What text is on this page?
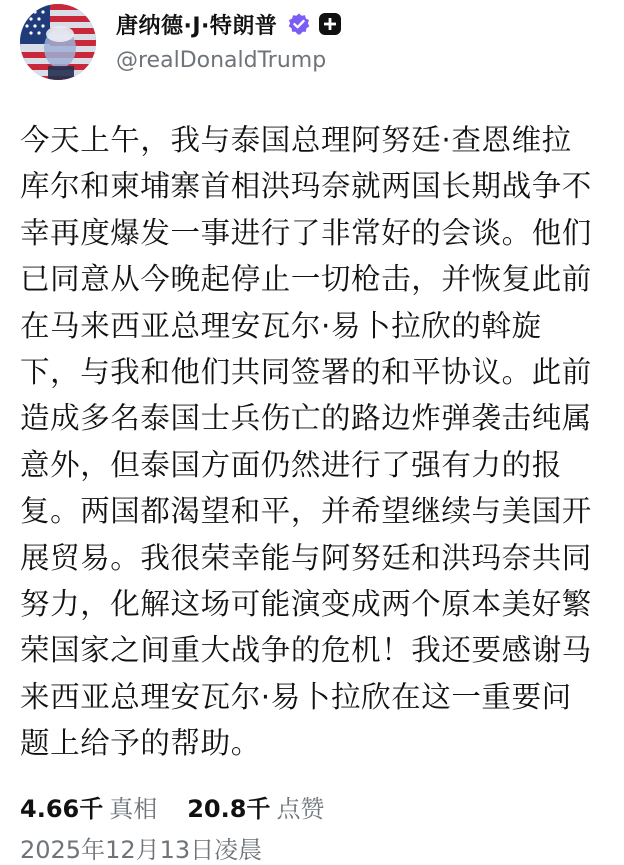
唐纳德·J·特朗普
@realDonaldTrump
今天上午，我与泰国总理阿努廷·查恩维拉
库尔和柬埔寨首相洪玛奈就两国长期战争不
幸再度爆发一事进行了非常好的会谈。他们
已同意从今晚起停止一切枪击，并恢复此前
在马来西亚总理安瓦尔·易卜拉欣的斡旋
下，与我和他们共同签署的和平协议。此前
造成多名泰国士兵伤亡的路边炸弹袭击纯属
意外，但泰国方面仍然进行了强有力的报
复。两国都渴望和平，并希望继续与美国开
展贸易。我很荣幸能与阿努廷和洪玛奈共同
努力，化解这场可能演变成两个原本美好繁
荣国家之间重大战争的危机！我还要感谢马
来西亚总理安瓦尔·易卜拉欣在这一重要问
题上给予的帮助。
4.66千 真相 20.8千 点赞
2025年12月13日凌晨
